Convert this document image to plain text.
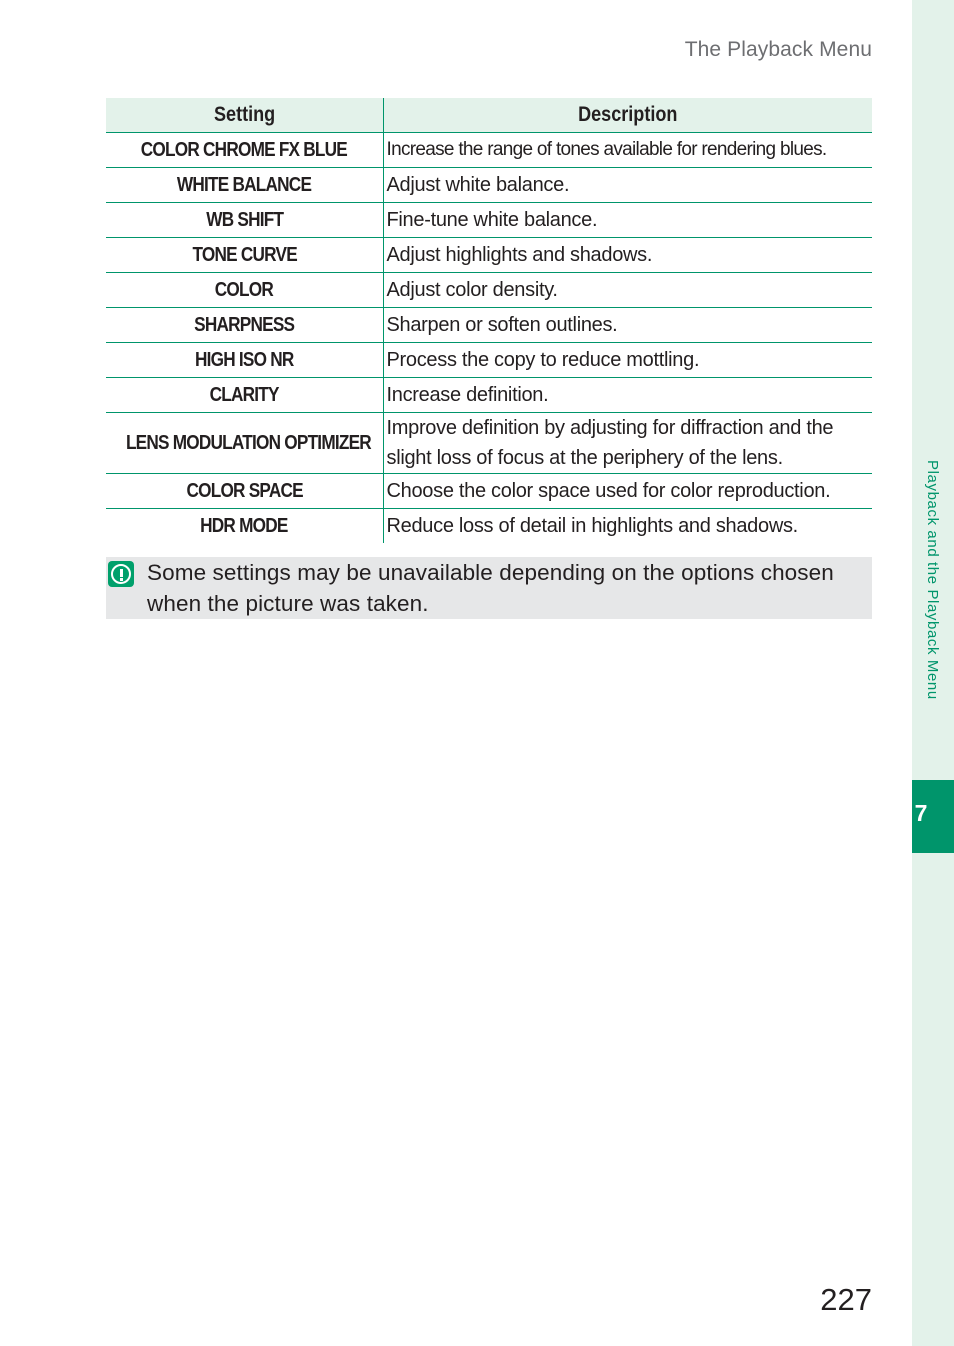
The Playback Menu
Setting	Description
COLOR CHROME FX BLUE	Increase the range of tones available for rendering blues.
WHITE BALANCE	Adjust white balance.
WB SHIFT	Fine-tune white balance.
TONE CURVE	Adjust highlights and shadows.
COLOR	Adjust color density.
SHARPNESS	Sharpen or soften outlines.
HIGH ISO NR	Process the copy to reduce mottling.
CLARITY	Increase definition.
LENS MODULATION OPTIMIZER	Improve definition by adjusting for diffraction and the slight loss of focus at the periphery of the lens.
COLOR SPACE	Choose the color space used for color reproduction.
HDR MODE	Reduce loss of detail in highlights and shadows.
Some settings may be unavailable depending on the options chosen when the picture was taken.	Playback and the Playback Menu
7
227
